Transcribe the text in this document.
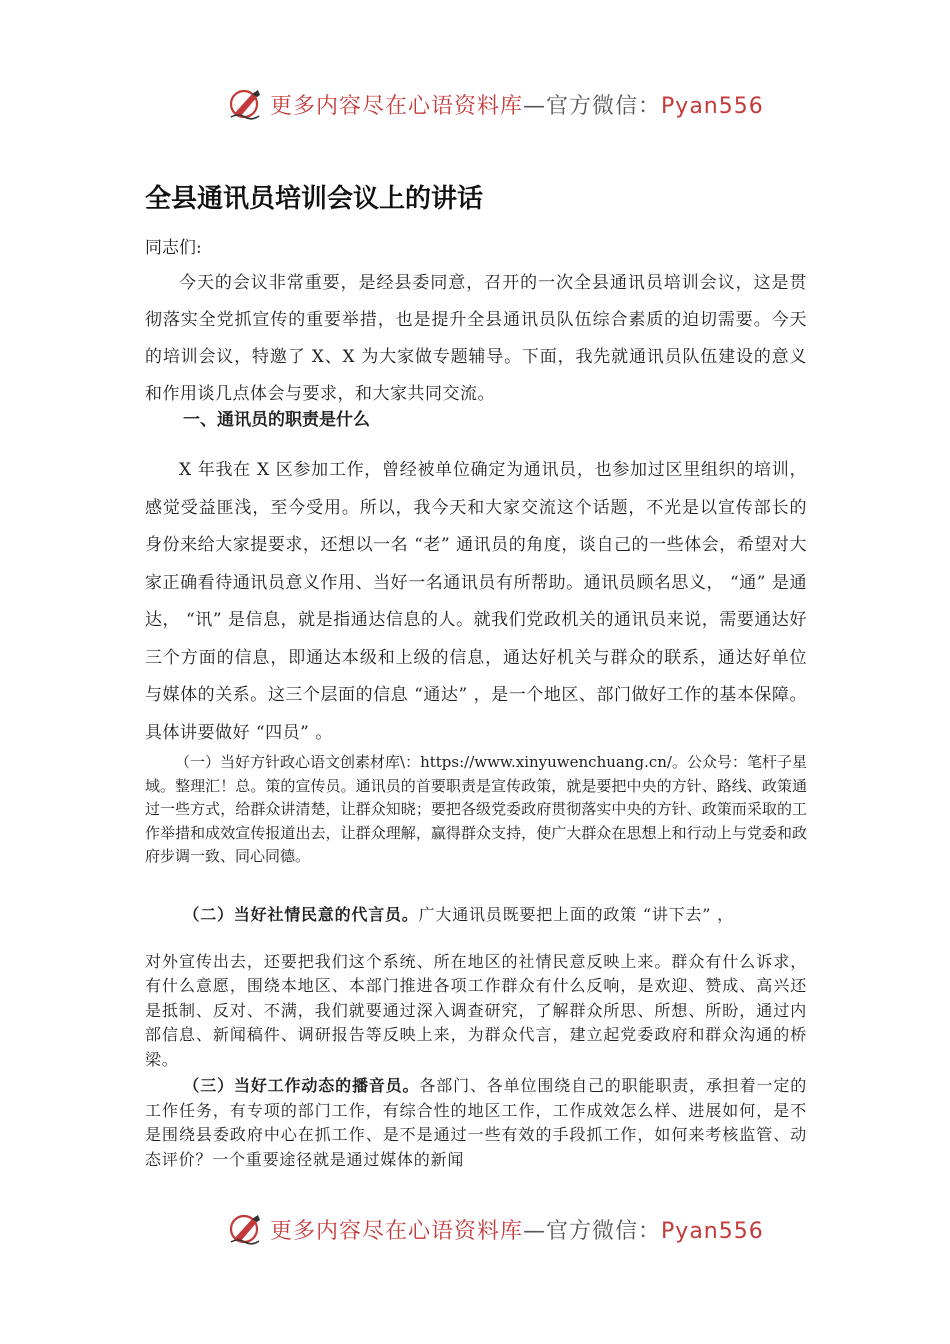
更多内容尽在心语资料库—官方微信：Pyan556
全县通讯员培训会议上的讲话
同志们:

今天的会议非常重要，是经县委同意，召开的一次全县通讯员培训会议，这是贯彻落实全党抓宣传的重要举措，也是提升全县通讯员队伍综合素质的迫切需要。今天的培训会议，特邀了 X、X 为大家做专题辅导。下面，我先就通讯员队伍建设的意义和作用谈几点体会与要求，和大家共同交流。

一、通讯员的职责是什么

X 年我在 X 区参加工作，曾经被单位确定为通讯员，也参加过区里组织的培训，感觉受益匪浅，至今受用。所以，我今天和大家交流这个话题，不光是以宣传部长的身份来给大家提要求，还想以一名 “老” 通讯员的角度，谈自己的一些体会，希望对大家正确看待通讯员意义作用、当好一名通讯员有所帮助。通讯员顾名思义， “通” 是通达， “讯” 是信息，就是指通达信息的人。就我们党政机关的通讯员来说，需要通达好三个方面的信息，即通达本级和上级的信息，通达好机关与群众的联系，通达好单位与媒体的关系。这三个层面的信息 “通达” ，是一个地区、部门做好工作的基本保障。具体讲要做好 “四员” 。

（一）当好方针政心语文创素材库\：https://www.xinyuwenchuang.cn/。公众号：笔杆子星域。整理汇！总。策的宣传员。通讯员的首要职责是宣传政策，就是要把中央的方针、路线、政策通过一些方式，给群众讲清楚，让群众知晓；要把各级党委政府贯彻落实中央的方针、政策而采取的工作举措和成效宣传报道出去，让群众理解，赢得群众支持，使广大群众在思想上和行动上与党委和政府步调一致、同心同德。

（二）当好社情民意的代言员。广大通讯员既要把上面的政策 “讲下去” ，
对外宣传出去，还要把我们这个系统、所在地区的社情民意反映上来。群众有什么诉求，有什么意愿，围绕本地区、本部门推进各项工作群众有什么反响，是欢迎、赞成、高兴还是抵制、反对、不满，我们就要通过深入调查研究，了解群众所思、所想、所盼，通过内部信息、新闻稿件、调研报告等反映上来，为群众代言，建立起党委政府和群众沟通的桥梁。

（三）当好工作动态的播音员。各部门、各单位围绕自己的职能职责，承担着一定的工作任务，有专项的部门工作，有综合性的地区工作，工作成效怎么样、进展如何，是不是围绕县委政府中心在抓工作、是不是通过一些有效的手段抓工作，如何来考核监管、动态评价？一个重要途径就是通过媒体的新闻

更多内容尽在心语资料库—官方微信：Pyan556
